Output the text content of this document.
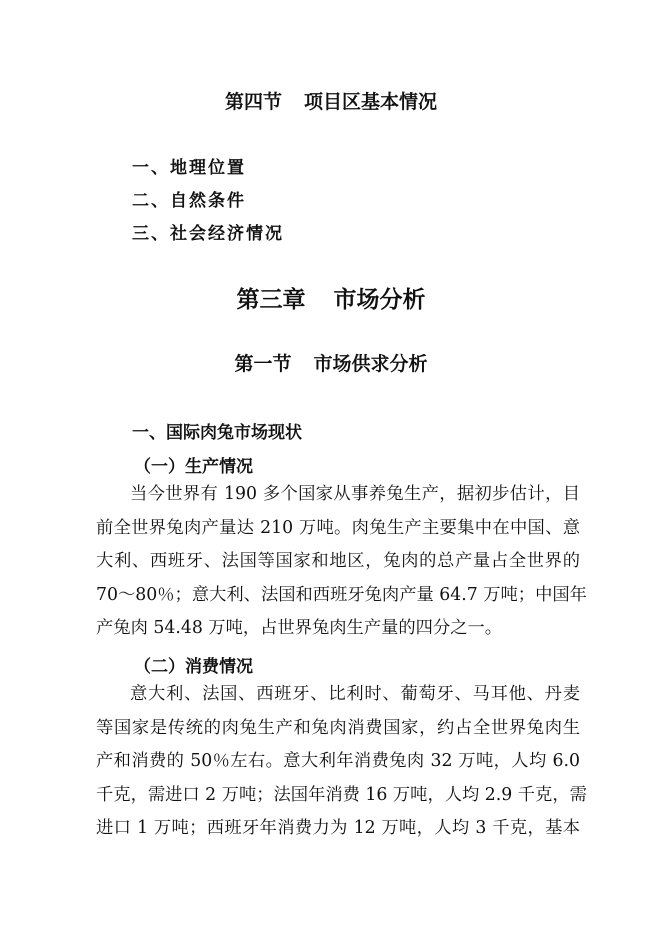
第四节 项目区基本情况
一、地理位置
二、自然条件
三、社会经济情况
第三章 市场分析
第一节 市场供求分析
一、国际肉兔市场现状
（一）生产情况
当今世界有 190 多个国家从事养兔生产，据初步估计，目
前全世界兔肉产量达 210 万吨。肉兔生产主要集中在中国、意
大利、西班牙、法国等国家和地区，兔肉的总产量占全世界的
70～80％；意大利、法国和西班牙兔肉产量 64.7 万吨；中国年
产兔肉 54.48 万吨，占世界兔肉生产量的四分之一。
（二）消费情况
意大利、法国、西班牙、比利时、葡萄牙、马耳他、丹麦
等国家是传统的肉兔生产和兔肉消费国家，约占全世界兔肉生
产和消费的 50％左右。意大利年消费兔肉 32 万吨，人均 6.0
千克，需进口 2 万吨；法国年消费 16 万吨，人均 2.9 千克，需
进口 1 万吨；西班牙年消费力为 12 万吨，人均 3 千克，基本
